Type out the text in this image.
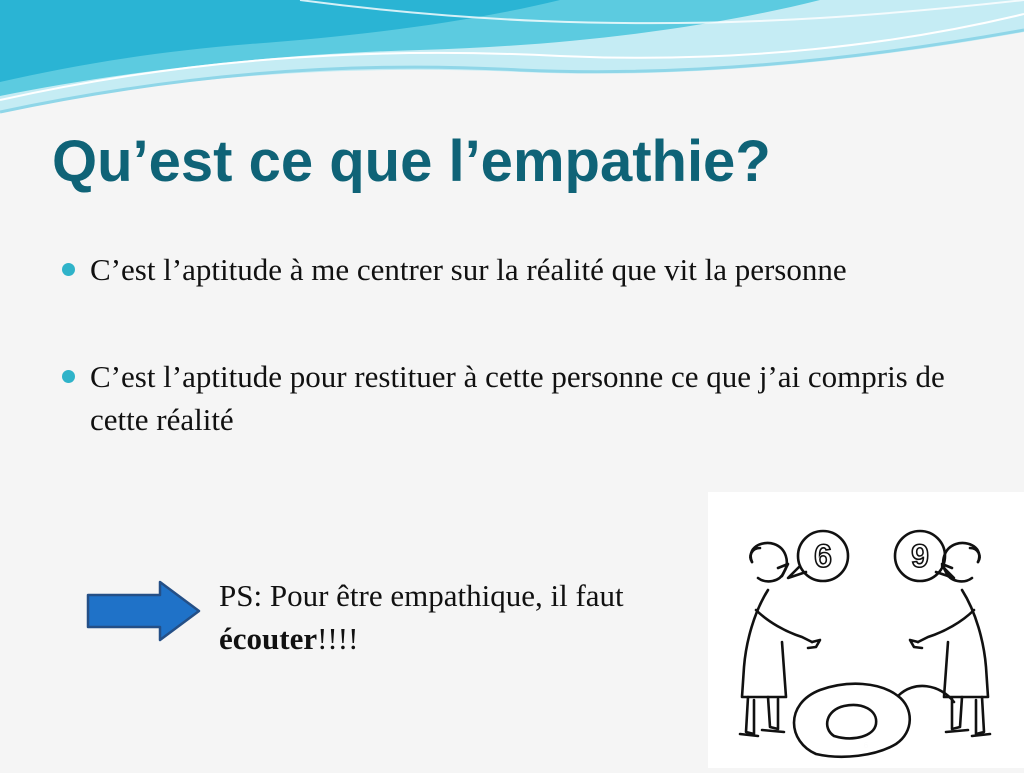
Qu’est ce que l’empathie?
C’est l’aptitude à me centrer sur la réalité que vit la personne
C’est l’aptitude pour restituer à cette personne ce que j’ai compris de cette réalité
PS: Pour être empathique, il faut
écouter!!!!
6 9
